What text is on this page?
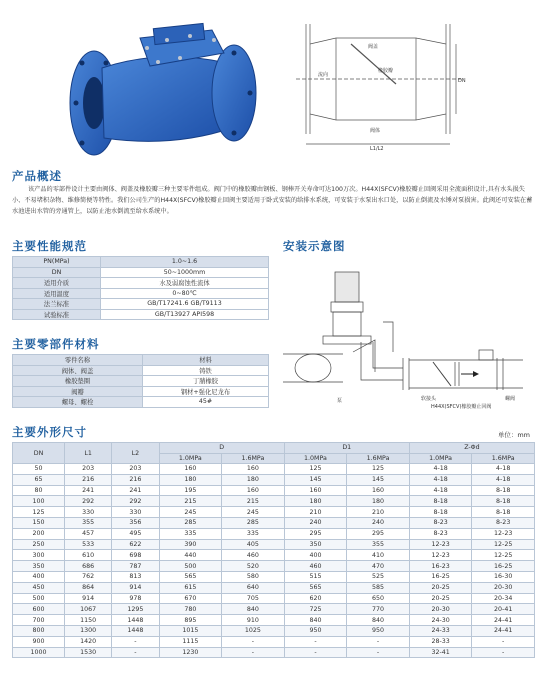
阀盖
流向
橡胶瓣
阀体
DN
L1/L2
产品概述

该产品的零部件设计主要由阀体、阀盖及橡胶瓣三种主要零件组成。阀门中的橡胶瓣由钢板、钢棒开关寿命可达100万次。H44X(SFCV)橡胶瓣止回阀采用全流面积设计,具有水头损失小、不易堵积杂物、维修简便等特性。我们公司生产的H44X(SFCV)橡胶瓣止回阀主要适用于卧式安装的给排水系统，可安装于水泵出水口处，以防止倒流及水锤对泵损害。此阀还可安装在蓄水池进出水管的旁通管上，以防止池水倒流至给水系统中。

主要性能规范
PN(MPa)	1.0~1.6
DN	50~1000mm
适用介质	水及弱腐蚀性流体
适用温度	0~80℃
法兰标准	GB/T17241.6 GB/T9113
试验标准	GB/T13927 API598
安装示意图
泵	软接头
H44X(SFCV)橡胶瓣止回阀
螺阀
主要零部件材料
零件名称	材料
阀体、阀盖	铸铁
橡胶垫圈	丁腈橡胶
阀瓣	钢材+强化尼龙布
螺母、螺栓	45#
主要外形尺寸	单位：mm
DN	L1	L2	D		D1		Z-Φd	
			1.0MPa	1.6MPa	1.0MPa	1.6MPa	1.0MPa	1.6MPa
50	203	203	160	160	125	125	4-18	4-18
65	216	216	180	180	145	145	4-18	4-18
80	241	241	195	160	160	160	4-18	8-18
100	292	292	215	215	180	180	8-18	8-18
125	330	330	245	245	210	210	8-18	8-18
150	355	356	285	285	240	240	8-23	8-23
200	457	495	335	335	295	295	8-23	12-23
250	533	622	390	405	350	355	12-23	12-25
300	610	698	440	460	400	410	12-23	12-25
350	686	787	500	520	460	470	16-23	16-25
400	762	813	565	580	515	525	16-25	16-30
450	864	914	615	640	565	585	20-25	20-30
500	914	978	670	705	620	650	20-25	20-34
600	1067	1295	780	840	725	770	20-30	20-41
700	1150	1448	895	910	840	840	24-30	24-41
800	1300	1448	1015	1025	950	950	24-33	24-41
900	1420	-	1115	-	-	-	28-33	-
1000	1530	-	1230	-	-	-	32-41	-
